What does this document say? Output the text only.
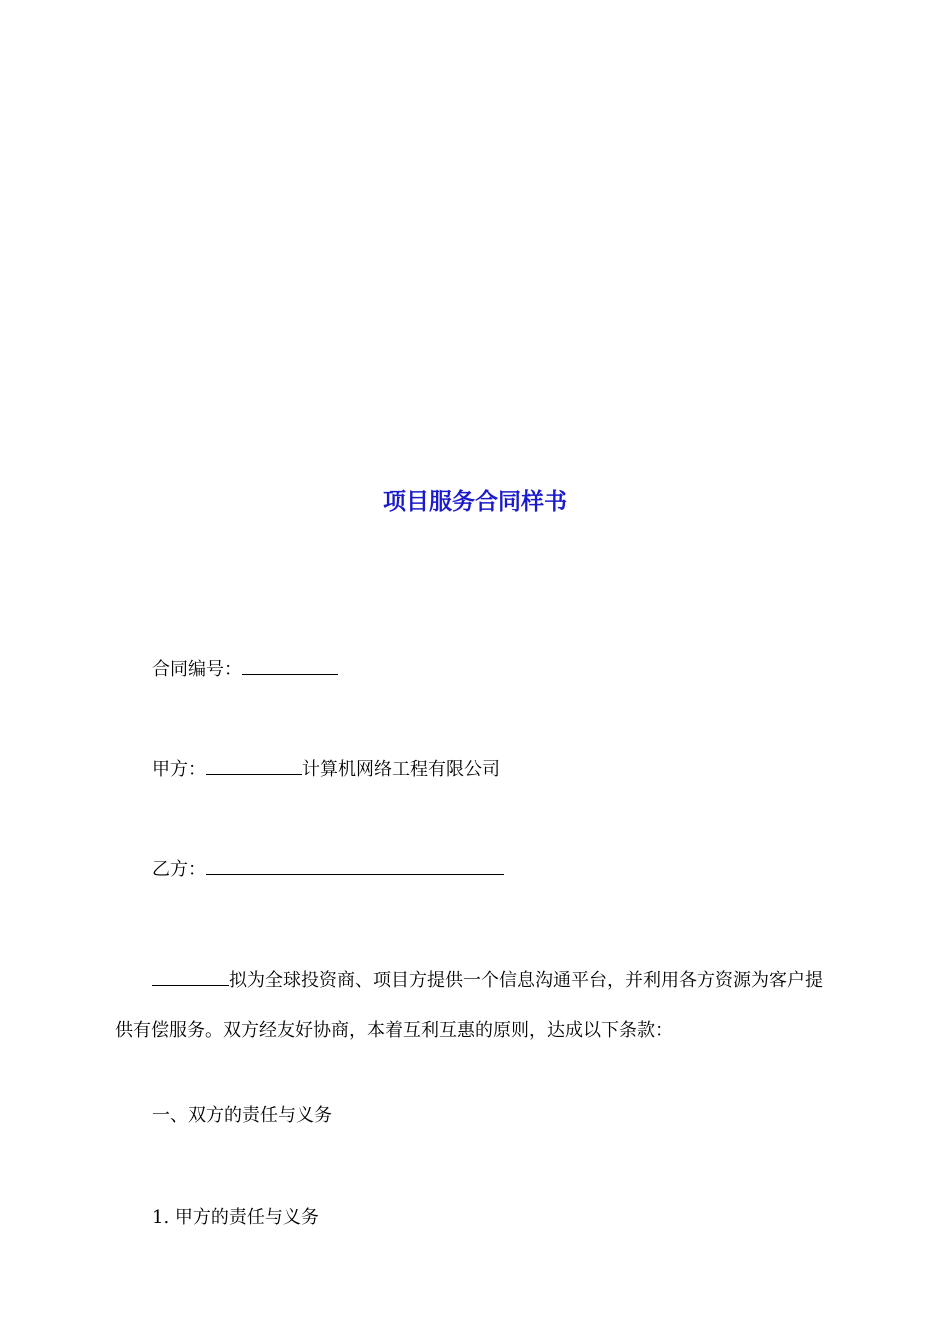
项目服务合同样书
合同编号：
甲方：	计算机网络工程有限公司
乙方：
拟为全球投资商、项目方提供一个信息沟通平台，并利用各方资源为客户提供有偿服务。双方经友好协商，本着互利互惠的原则，达成以下条款：
一、双方的责任与义务
1. 甲方的责任与义务
